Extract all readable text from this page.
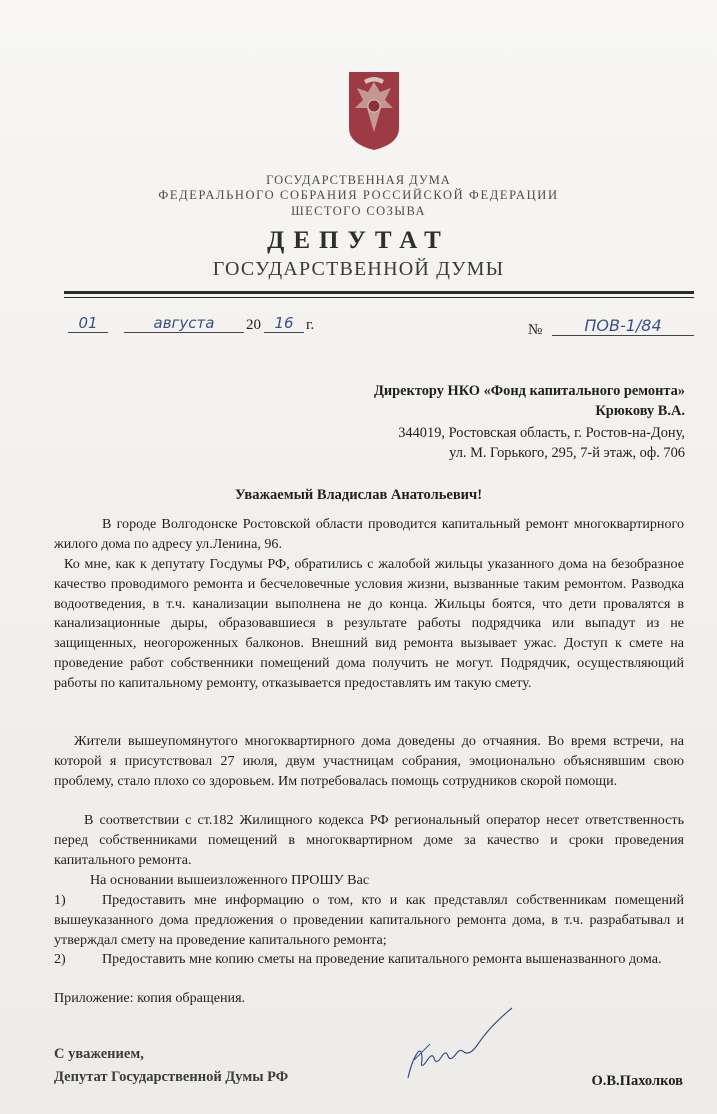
ГОСУДАРСТВЕННАЯ ДУМА
ФЕДЕРАЛЬНОГО СОБРАНИЯ РОССИЙСКОЙ ФЕДЕРАЦИИ
ШЕСТОГО СОЗЫВА
ДЕПУТАТ
ГОСУДАРСТВЕННОЙ ДУМЫ
01	августа	20 16 г.	№	ПОВ-1/84
Директору НКО «Фонд капитального ремонта»
Крюкову В.А.
344019, Ростовская область, г. Ростов-на-Дону,
ул. М. Горького, 295, 7-й этаж, оф. 706
Уважаемый Владислав Анатольевич!
В городе Волгодонске Ростовской области проводится капитальный ремонт многоквартирного жилого дома по адресу ул.Ленина, 96.
Ко мне, как к депутату Госдумы РФ, обратились с жалобой жильцы указанного дома на безобразное качество проводимого ремонта и бесчеловечные условия жизни, вызванные таким ремонтом. Разводка водоотведения, в т.ч. канализации выполнена не до конца. Жильцы боятся, что дети провалятся в канализационные дыры, образовавшиеся в результате работы подрядчика или выпадут из не защищенных, неогороженных балконов. Внешний вид ремонта вызывает ужас. Доступ к смете на проведение работ собственники помещений дома получить не могут. Подрядчик, осуществляющий работы по капитальному ремонту, отказывается предоставлять им такую смету.
Жители вышеупомянутого многоквартирного дома доведены до отчаяния. Во время встречи, на которой я присутствовал 27 июля, двум участницам собрания, эмоционально объяснявшим свою проблему, стало плохо со здоровьем. Им потребовалась помощь сотрудников скорой помощи.
В соответствии с ст.182 Жилищного кодекса РФ региональный оператор несет ответственность перед собственниками помещений в многоквартирном доме за качество и сроки проведения капитального ремонта.
На основании вышеизложенного ПРОШУ Вас
1)	Предоставить мне информацию о том, кто и как представлял собственникам помещений вышеуказанного дома предложения о проведении капитального ремонта дома, в т.ч. разрабатывал и утверждал смету на проведение капитального ремонта;
2)	Предоставить мне копию сметы на проведение капитального ремонта вышеназванного дома.
Приложение: копия обращения.
С уважением,
Депутат Государственной Думы РФ	О.В.Пахолков
